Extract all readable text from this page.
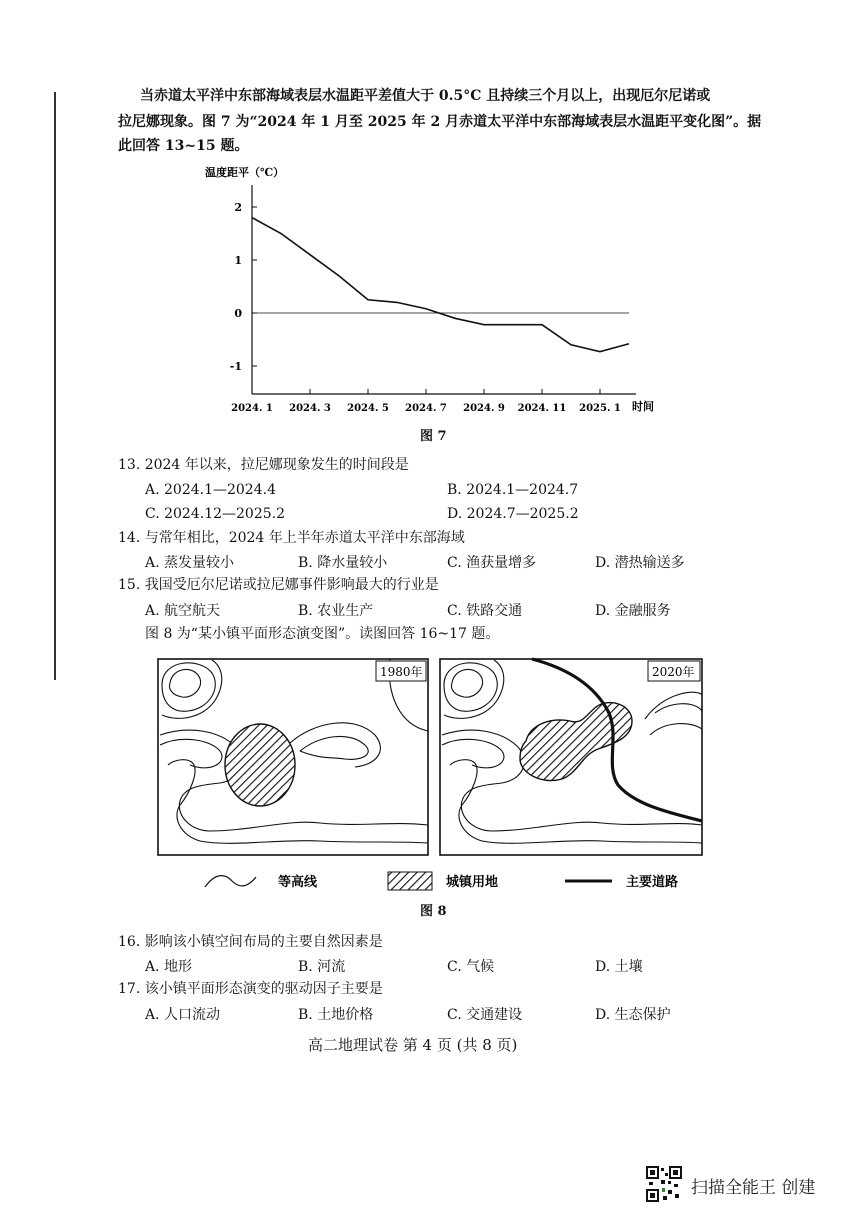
当赤道太平洋中东部海域表层水温距平差值大于 0.5°C 且持续三个月以上，出现厄尔尼诺或
拉尼娜现象。图 7 为“2024 年 1 月至 2025 年 2 月赤道太平洋中东部海域表层水温距平变化图”。据
此回答 13~15 题。
温度距平（℃）
2
1
0
-1
2024. 1 2024. 3 2024. 5 2024. 7 2024. 9 2024. 11 2025. 1 时间
图 7
13. 2024 年以来，拉尼娜现象发生的时间段是
A. 2024.1—2024.4	B. 2024.1—2024.7
C. 2024.12—2025.2	D. 2024.7—2025.2
14. 与常年相比，2024 年上半年赤道太平洋中东部海域
A. 蒸发量较小	B. 降水量较小	C. 渔获量增多	D. 潜热输送多
15. 我国受厄尔尼诺或拉尼娜事件影响最大的行业是
A. 航空航天	B. 农业生产	C. 铁路交通	D. 金融服务
图 8 为“某小镇平面形态演变图”。读图回答 16~17 题。
1980年	2020年
等高线	城镇用地	主要道路
图 8
16. 影响该小镇空间布局的主要自然因素是
A. 地形	B. 河流	C. 气候	D. 土壤
17. 该小镇平面形态演变的驱动因子主要是
A. 人口流动	B. 土地价格	C. 交通建设	D. 生态保护
高二地理试卷 第 4 页 (共 8 页)
扫描全能王 创建
